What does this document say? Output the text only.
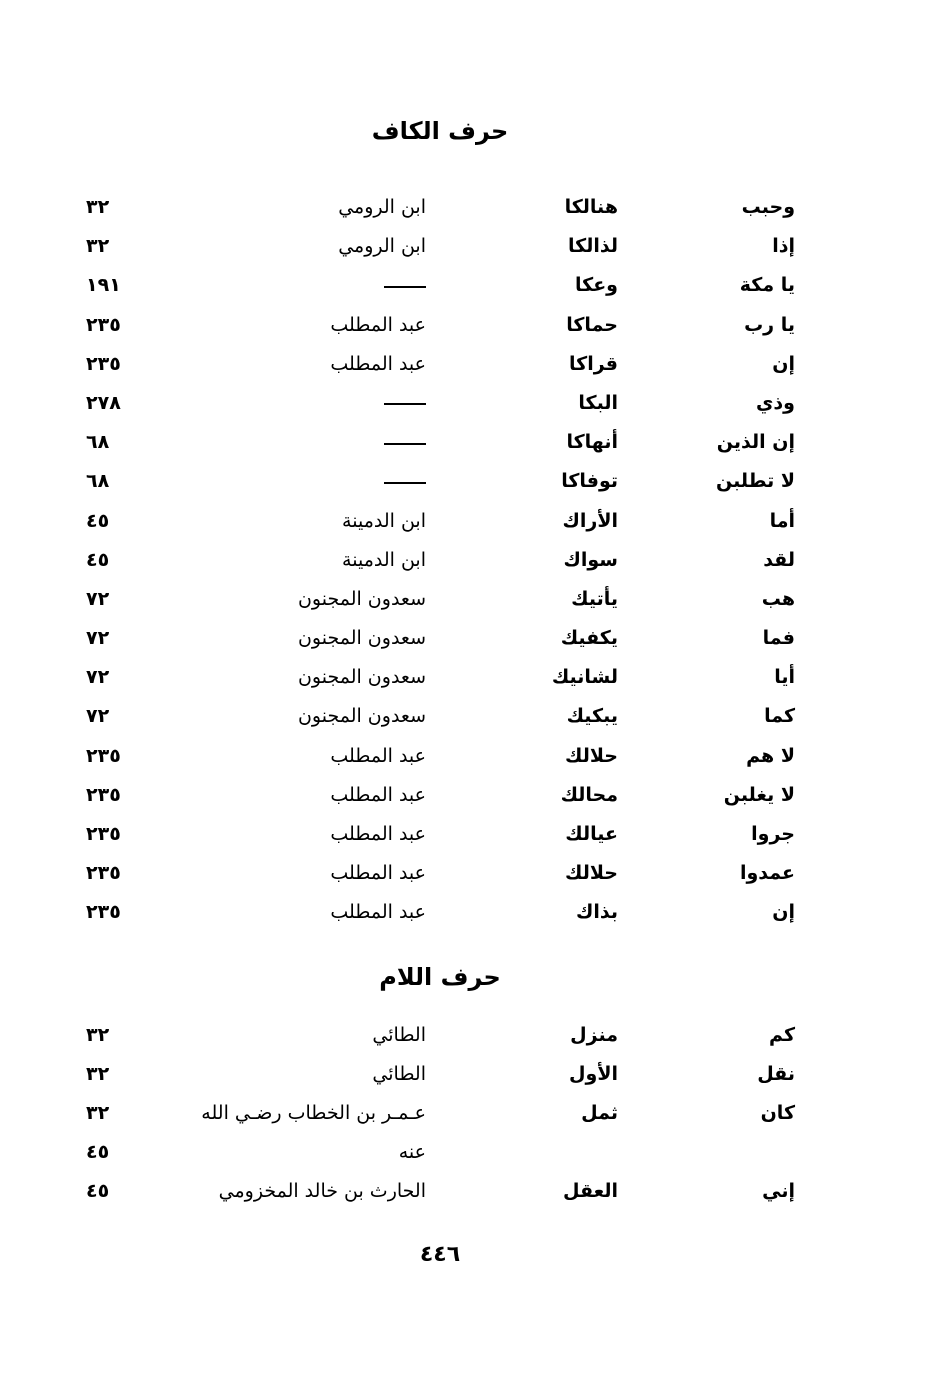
حرف الكاف
وحبب
هنالكا
ابن الرومي
٣٢
إذا
لذالكا
ابن الرومي
٣٢
يا مكة
وعكا
١٩١
يا رب
حماكا
عبد المطلب
٢٣٥
إن
قراكا
عبد المطلب
٢٣٥
وذي
البكا
٢٧٨
إن الذين
أنهاكا
٦٨
لا تطلبن
توفاكا
٦٨
أما
الأراك
ابن الدمينة
٤٥
لقد
سواك
ابن الدمينة
٤٥
هب
يأتيك
سعدون المجنون
٧٢
فما
يكفيك
سعدون المجنون
٧٢
أيا
لشانيك
سعدون المجنون
٧٢
كما
يبكيك
سعدون المجنون
٧٢
لا هم
حلالك
عبد المطلب
٢٣٥
لا يغلبن
محالك
عبد المطلب
٢٣٥
جروا
عيالك
عبد المطلب
٢٣٥
عمدوا
حلالك
عبد المطلب
٢٣٥
إن
بذاك
عبد المطلب
٢٣٥
حرف اللام
كم
منزل
الطائي
٣٢
نقل
الأول
الطائي
٣٢
كان
ثمل
عـمـر بن الخطاب رضـي الله
٣٢
عنه
٤٥
إني
العقل
الحارث بن خالد المخزومي
٤٥
٤٤٦
